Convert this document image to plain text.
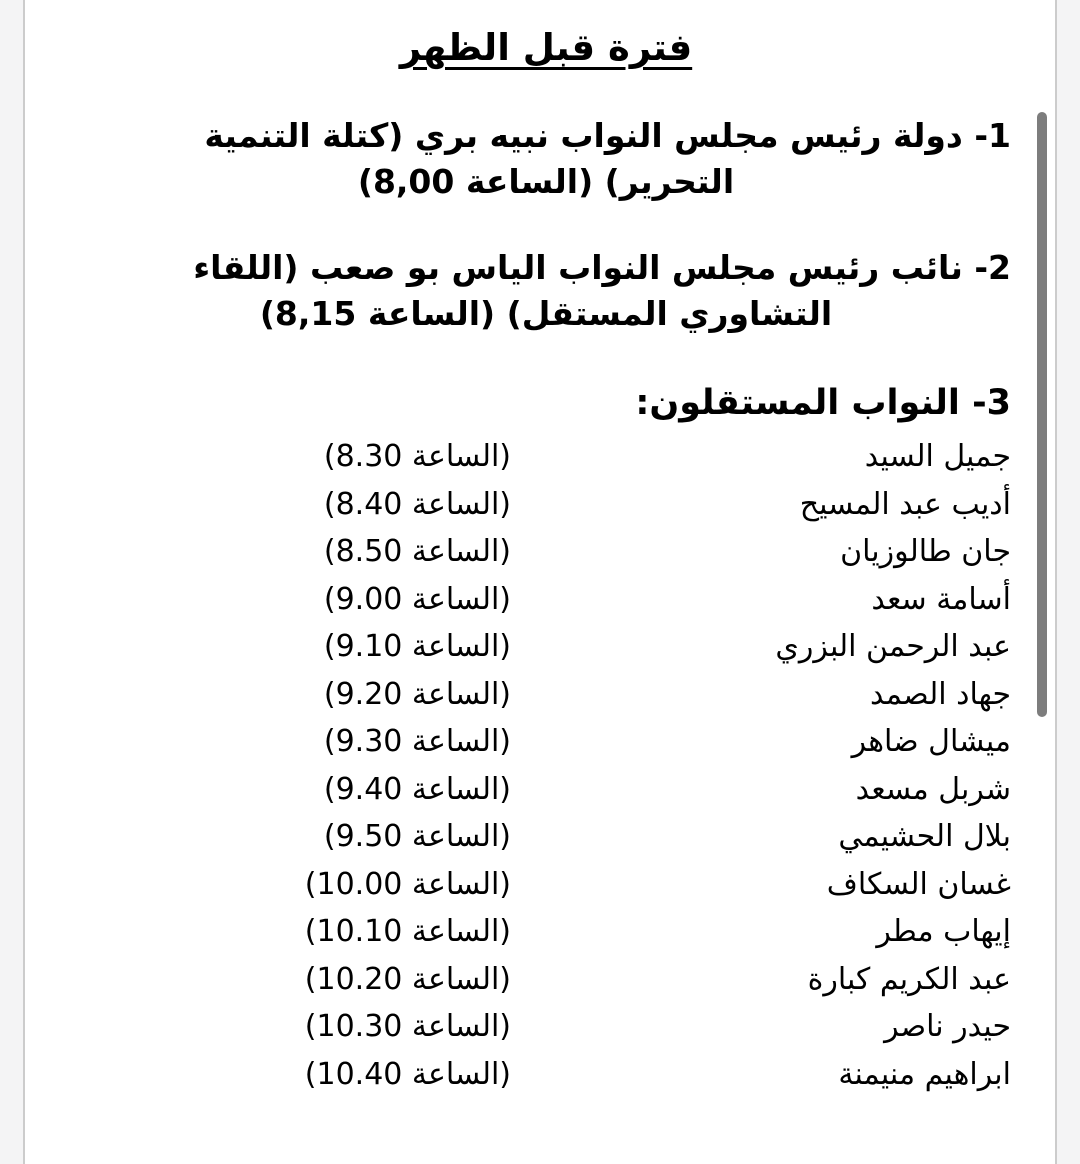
فترة قبل الظهر

1- دولة رئيس مجلس النواب نبيه بري (كتلة التنمية
التحرير) (الساعة 8,00)

2- نائب رئيس مجلس النواب الياس بو صعب (اللقاء
التشاوري المستقل) (الساعة 8,15)

3- النواب المستقلون:
جميل السيد
(الساعة 8.30)
أديب عبد المسيح
(الساعة 8.40)
جان طالوزيان
(الساعة 8.50)
أسامة سعد
(الساعة 9.00)
عبد الرحمن البزري
(الساعة 9.10)
جهاد الصمد
(الساعة 9.20)
ميشال ضاهر
(الساعة 9.30)
شربل مسعد
(الساعة 9.40)
بلال الحشيمي
(الساعة 9.50)
غسان السكاف
(الساعة 10.00)
إيهاب مطر
(الساعة 10.10)
عبد الكريم كبارة
(الساعة 10.20)
حيدر ناصر
(الساعة 10.30)
ابراهيم منيمنة
(الساعة 10.40)
